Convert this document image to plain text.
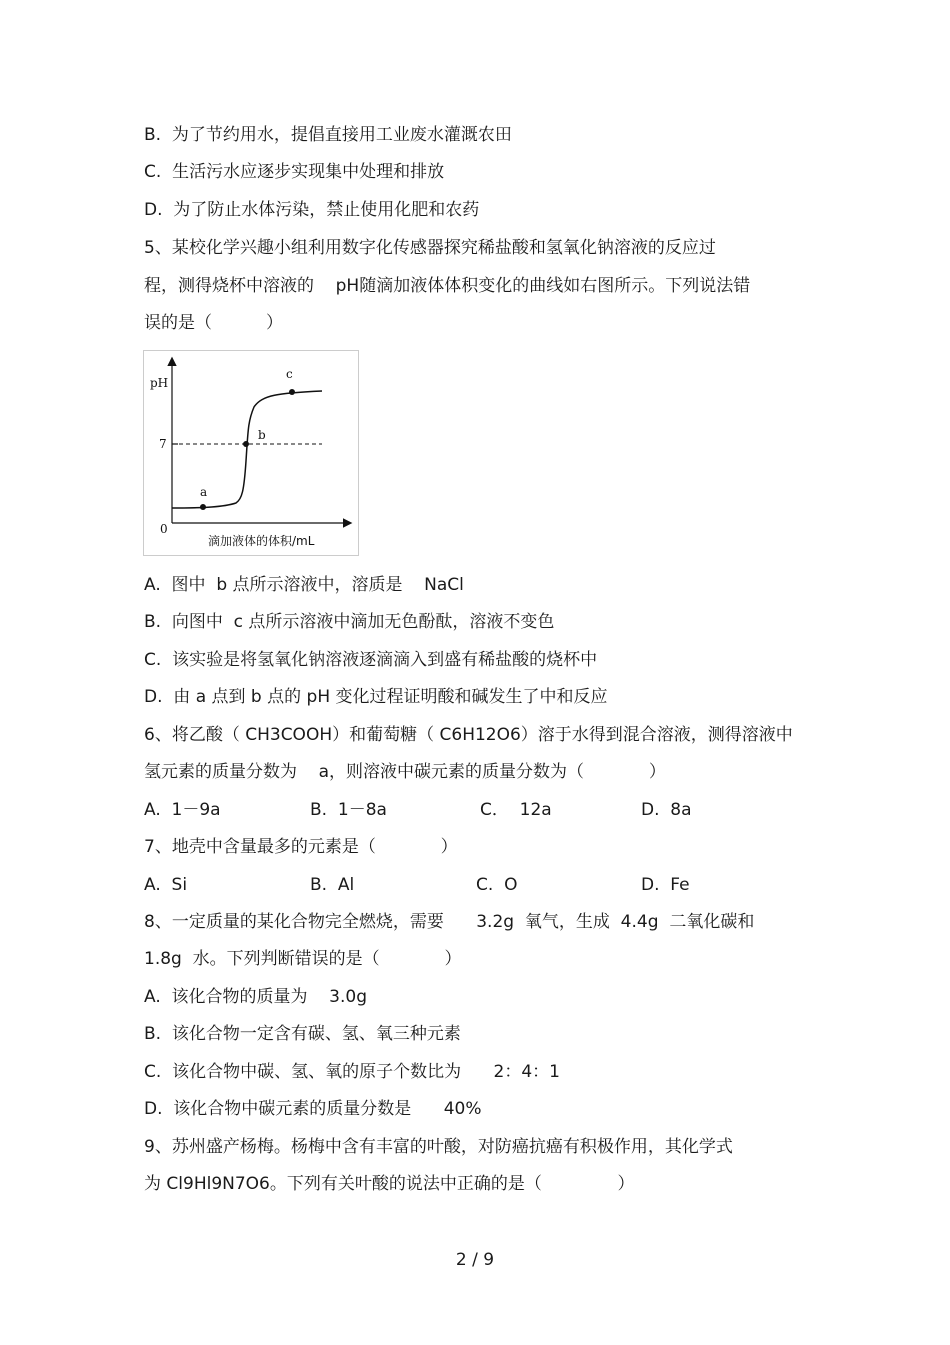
B.  为了节约用水，提倡直接用工业废水灌溉农田
C.  生活污水应逐步实现集中处理和排放
D.  为了防止水体污染，禁止使用化肥和农药
5、某校化学兴趣小组利用数字化传感器探究稀盐酸和氢氧化钠溶液的反应过
程，测得烧杯中溶液的    pH随滴加液体体积变化的曲线如右图所示。下列说法错
误的是（          ）
pH
7
0
a
b
c
滴加液体的体积/mL
A.  图中  b 点所示溶液中，溶质是    NaCl
B.  向图中  c 点所示溶液中滴加无色酚酞，溶液不变色
C.  该实验是将氢氧化钠溶液逐滴滴入到盛有稀盐酸的烧杯中
D.  由 a 点到 b 点的 pH 变化过程证明酸和碱发生了中和反应
6、将乙酸（ CH3COOH）和葡萄糖（ C6H12O6）溶于水得到混合溶液，测得溶液中
氢元素的质量分数为    a，则溶液中碳元素的质量分数为（            ）
A.  1－9a	B.  1－8a	C．  12a	D.  8a
7、地壳中含量最多的元素是（            ）
A.  Si	B.  Al	C.  O	D.  Fe
8、一定质量的某化合物完全燃烧，需要      3.2g  氧气，生成  4.4g  二氧化碳和
1.8g  水。下列判断错误的是（            ）
A.  该化合物的质量为    3.0g
B.  该化合物一定含有碳、氢、氧三种元素
C.  该化合物中碳、氢、氧的原子个数比为      2：4：1
D.  该化合物中碳元素的质量分数是      40%
9、苏州盛产杨梅。杨梅中含有丰富的叶酸，对防癌抗癌有积极作用，其化学式
为 Cl9Hl9N7O6。下列有关叶酸的说法中正确的是（              ）
2 / 9
